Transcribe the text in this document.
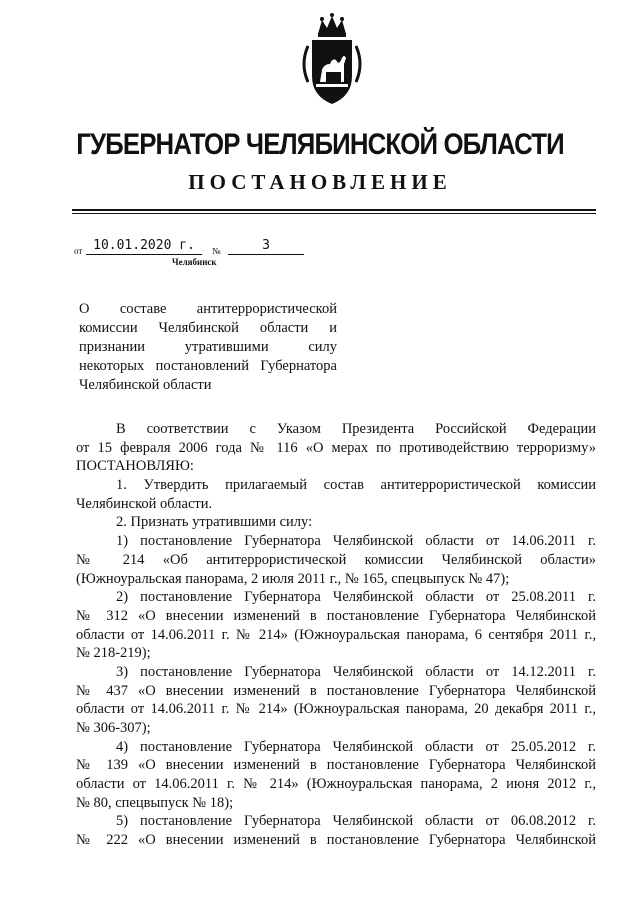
ГУБЕРНАТОР ЧЕЛЯБИНСКОЙ ОБЛАСТИ
ПОСТАНОВЛЕНИЕ
от 10.01.2020 г.	№	3
Челябинск
О составе антитеррористической
комиссии Челябинской области и
признании утратившими силу
некоторых постановлений Губернатора
Челябинской области
В соответствии с Указом Президента Российской Федерации
от 15 февраля 2006 года № 116 «О мерах по противодействию терроризму»
ПОСТАНОВЛЯЮ:
1. Утвердить прилагаемый состав антитеррористической комиссии
Челябинской области.
2. Признать утратившими силу:
1) постановление Губернатора Челябинской области от 14.06.2011 г.
№ 214 «Об антитеррористической комиссии Челябинской области»
(Южноуральская панорама, 2 июля 2011 г., № 165, спецвыпуск № 47);
2) постановление Губернатора Челябинской области от 25.08.2011 г.
№ 312 «О внесении изменений в постановление Губернатора Челябинской
области от 14.06.2011 г. № 214» (Южноуральская панорама, 6 сентября 2011 г.,
№ 218-219);
3) постановление Губернатора Челябинской области от 14.12.2011 г.
№ 437 «О внесении изменений в постановление Губернатора Челябинской
области от 14.06.2011 г. № 214» (Южноуральская панорама, 20 декабря 2011 г.,
№ 306-307);
4) постановление Губернатора Челябинской области от 25.05.2012 г.
№ 139 «О внесении изменений в постановление Губернатора Челябинской
области от 14.06.2011 г. № 214» (Южноуральская панорама, 2 июня 2012 г.,
№ 80, спецвыпуск № 18);
5) постановление Губернатора Челябинской области от 06.08.2012 г.
№ 222 «О внесении изменений в постановление Губернатора Челябинской
